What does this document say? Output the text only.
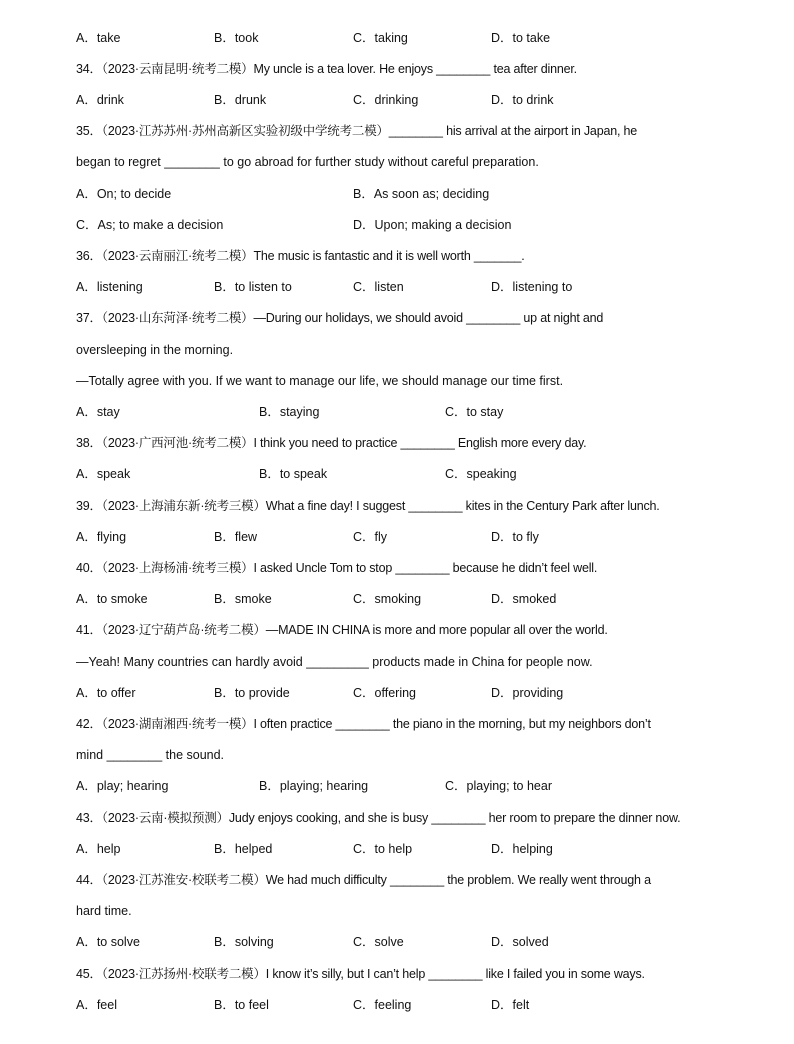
A．take	B．took	C．taking	D．to take
34．（2023·云南昆明·统考二模）My uncle is a tea lover. He enjoys ________ tea after dinner.
A．drink	B．drunk	C．drinking	D．to drink
35．（2023·江苏苏州·苏州高新区实验初级中学统考二模）________ his arrival at the airport in Japan, he
began to regret ________ to go abroad for further study without careful preparation.
A．On; to decide	B．As soon as; deciding
C．As; to make a decision	D．Upon; making a decision
36．（2023·云南丽江·统考二模）The music is fantastic and it is well worth _______.
A．listening	B．to listen to	C．listen	D．listening to
37．（2023·山东菏泽·统考二模）—During our holidays, we should avoid ________ up at night and
oversleeping in the morning.
—Totally agree with you. If we want to manage our life, we should manage our time first.
A．stay	B．staying	C．to stay
38．（2023·广西河池·统考二模）I think you need to practice ________ English more every day.
A．speak	B．to speak	C．speaking
39．（2023·上海浦东新·统考三模）What a fine day! I suggest ________ kites in the Century Park after lunch.
A．flying	B．flew	C．fly	D．to fly
40．（2023·上海杨浦·统考三模）I asked Uncle Tom to stop ________ because he didn’t feel well.
A．to smoke	B．smoke	C．smoking	D．smoked
41．（2023·辽宁葫芦岛·统考二模）—MADE IN CHINA is more and more popular all over the world.
—Yeah! Many countries can hardly avoid _________ products made in China for people now.
A．to offer	B．to provide	C．offering	D．providing
42．（2023·湖南湘西·统考一模）I often practice ________ the piano in the morning, but my neighbors don’t
mind ________ the sound.
A．play; hearing	B．playing; hearing	C．playing; to hear
43．（2023·云南·模拟预测）Judy enjoys cooking, and she is busy ________ her room to prepare the dinner now.
A．help	B．helped	C．to help	D．helping
44．（2023·江苏淮安·校联考二模）We had much difficulty ________ the problem. We really went through a
hard time.
A．to solve	B．solving	C．solve	D．solved
45．（2023·江苏扬州·校联考二模）I know it’s silly, but I can’t help ________ like I failed you in some ways.
A．feel	B．to feel	C．feeling	D．felt
